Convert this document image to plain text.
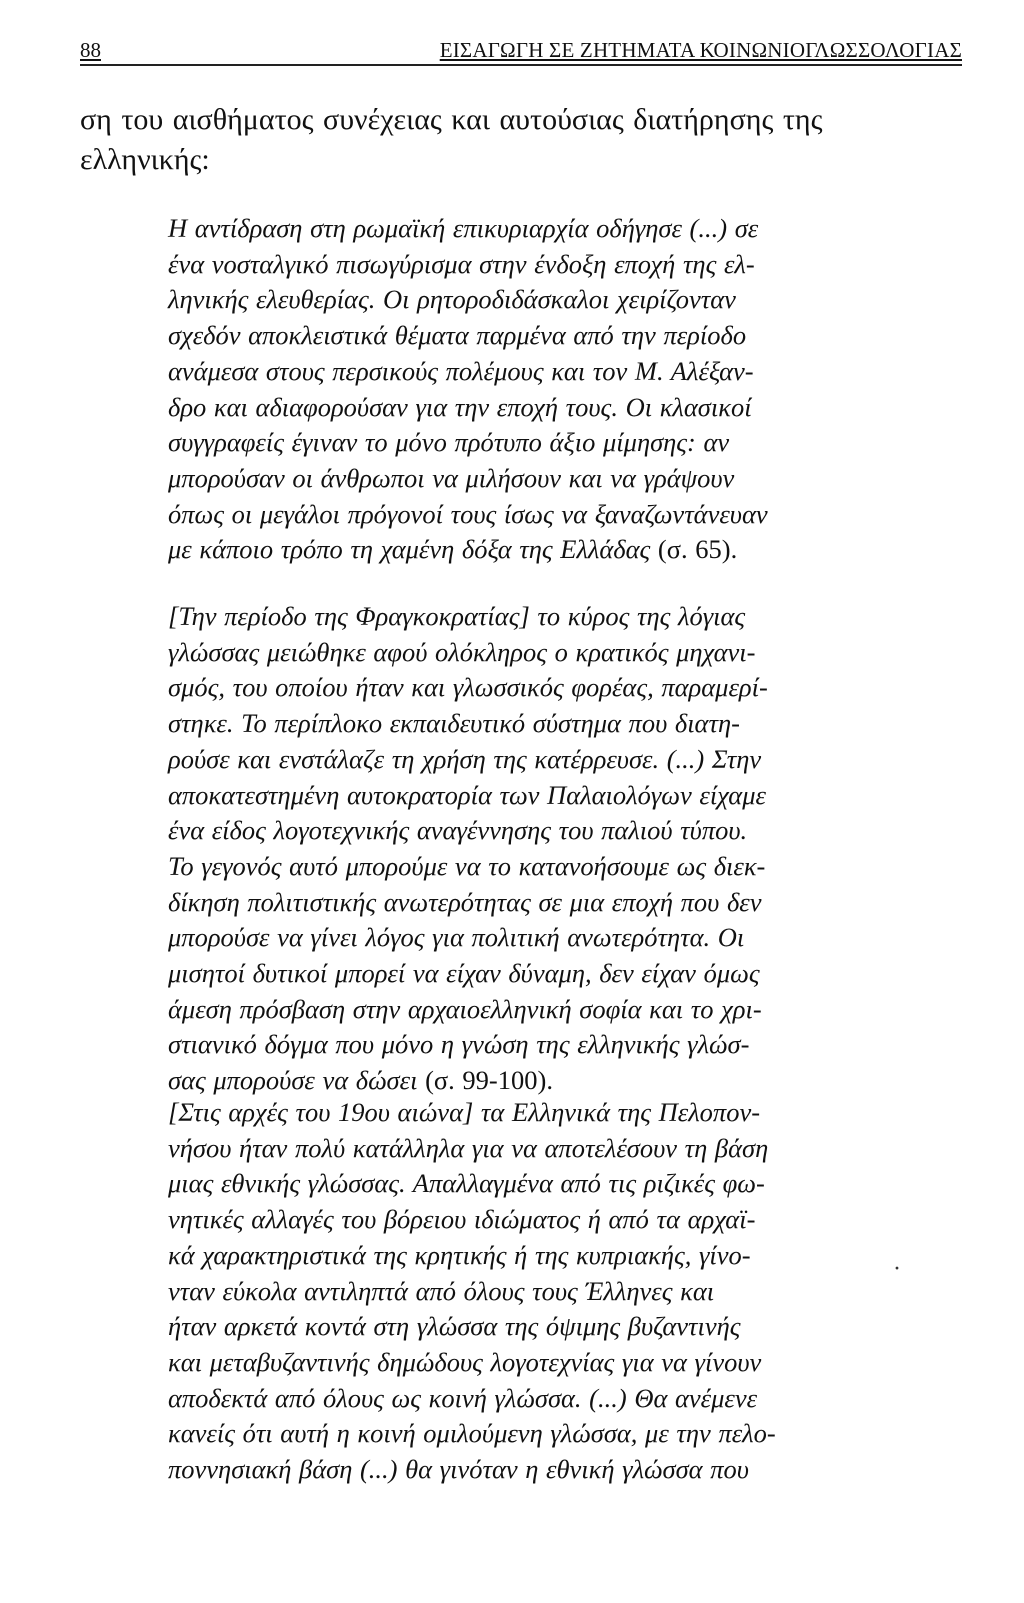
88	ΕΙΣΑΓΩΓΗ ΣΕ ΖΗΤΗΜΑΤΑ ΚΟΙΝΩΝΙΟΓΛΩΣΣΟΛΟΓΙΑΣ

ση του αισθήματος συνέχειας και αυτούσιας διατήρησης της
ελληνικής:

Η αντίδραση στη ρωμαϊκή επικυριαρχία οδήγησε (...) σε
ένα νοσταλγικό πισωγύρισμα στην ένδοξη εποχή της ελ-
ληνικής ελευθερίας. Οι ρητοροδιδάσκαλοι χειρίζονταν
σχεδόν αποκλειστικά θέματα παρμένα από την περίοδο
ανάμεσα στους περσικούς πολέμους και τον Μ. Αλέξαν-
δρο και αδιαφορούσαν για την εποχή τους. Οι κλασικοί
συγγραφείς έγιναν το μόνο πρότυπο άξιο μίμησης: αν
μπορούσαν οι άνθρωποι να μιλήσουν και να γράψουν
όπως οι μεγάλοι πρόγονοί τους ίσως να ξαναζωντάνευαν
με κάποιο τρόπο τη χαμένη δόξα της Ελλάδας (σ. 65).

[Την περίοδο της Φραγκοκρατίας] το κύρος της λόγιας
γλώσσας μειώθηκε αφού ολόκληρος ο κρατικός μηχανι-
σμός, του οποίου ήταν και γλωσσικός φορέας, παραμερί-
στηκε. Το περίπλοκο εκπαιδευτικό σύστημα που διατη-
ρούσε και ενστάλαζε τη χρήση της κατέρρευσε. (...) Στην
αποκατεστημένη αυτοκρατορία των Παλαιολόγων είχαμε
ένα είδος λογοτεχνικής αναγέννησης του παλιού τύπου.
Το γεγονός αυτό μπορούμε να το κατανοήσουμε ως διεκ-
δίκηση πολιτιστικής ανωτερότητας σε μια εποχή που δεν
μπορούσε να γίνει λόγος για πολιτική ανωτερότητα. Οι
μισητοί δυτικοί μπορεί να είχαν δύναμη, δεν είχαν όμως
άμεση πρόσβαση στην αρχαιοελληνική σοφία και το χρι-
στιανικό δόγμα που μόνο η γνώση της ελληνικής γλώσ-
σας μπορούσε να δώσει (σ. 99-100).

[Στις αρχές του 19ου αιώνα] τα Ελληνικά της Πελοπον-
νήσου ήταν πολύ κατάλληλα για να αποτελέσουν τη βάση
μιας εθνικής γλώσσας. Απαλλαγμένα από τις ριζικές φω-
νητικές αλλαγές του βόρειου ιδιώματος ή από τα αρχαϊ-
κά χαρακτηριστικά της κρητικής ή της κυπριακής, γίνο-
νταν εύκολα αντιληπτά από όλους τους Έλληνες και
ήταν αρκετά κοντά στη γλώσσα της όψιμης βυζαντινής
και μεταβυζαντινής δημώδους λογοτεχνίας για να γίνουν
αποδεκτά από όλους ως κοινή γλώσσα. (...) Θα ανέμενε
κανείς ότι αυτή η κοινή ομιλούμενη γλώσσα, με την πελο-
ποννησιακή βάση (...) θα γινόταν η εθνική γλώσσα που

·
